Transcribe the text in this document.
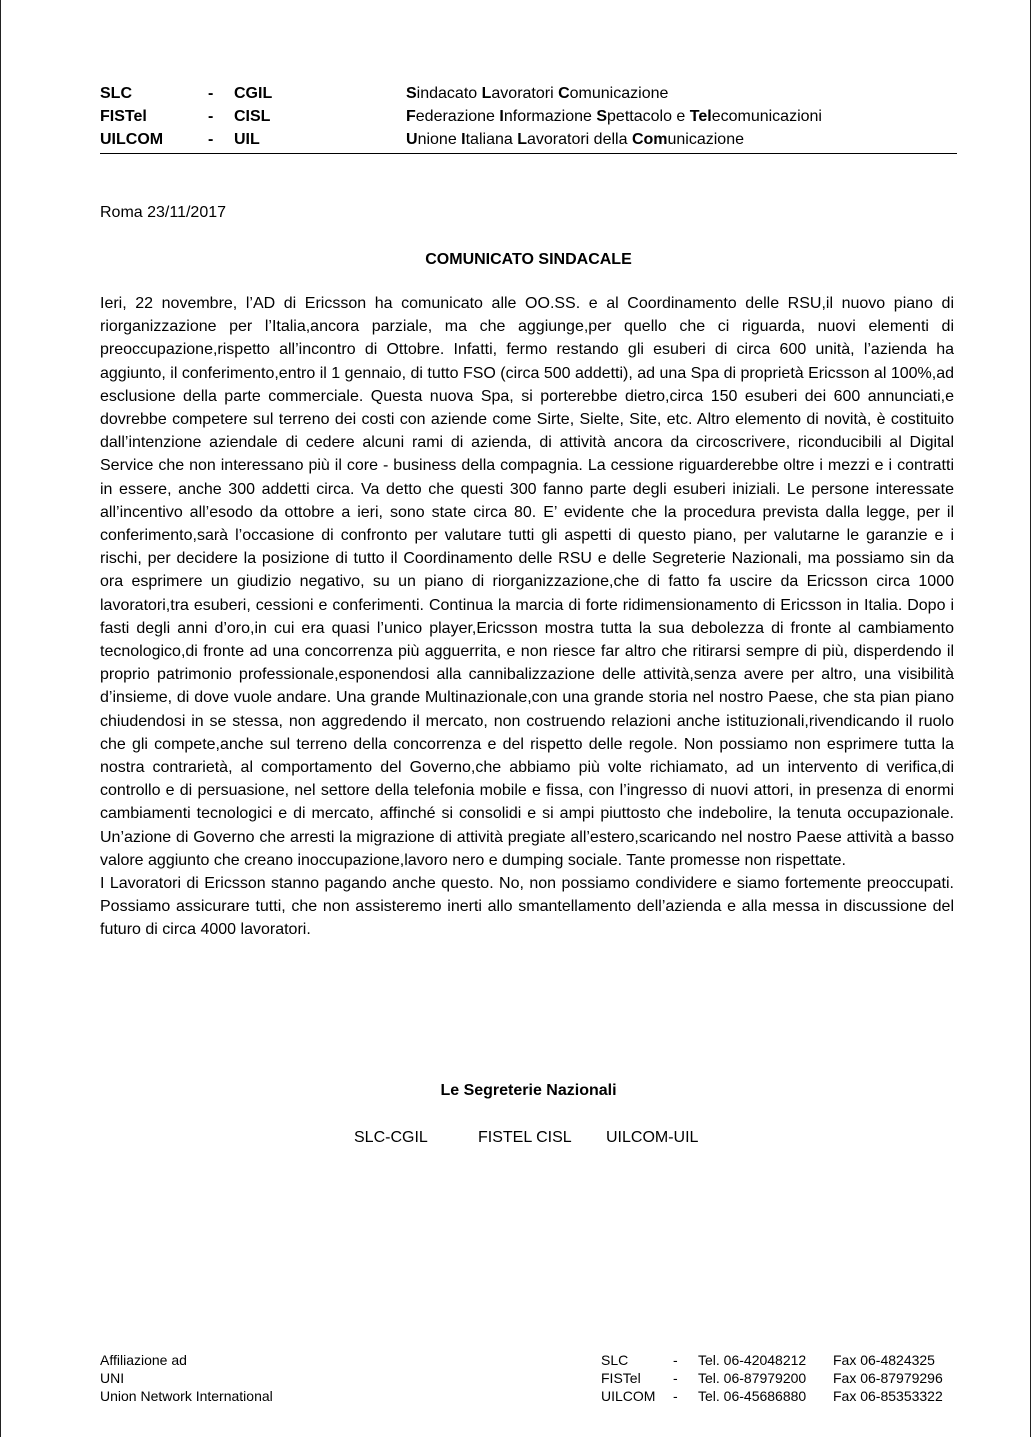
SLC	- CGIL	Sindacato Lavoratori Comunicazione
FISTel	- CISL	Federazione Informazione Spettacolo e Telecomunicazioni
UILCOM	- UIL	Unione Italiana Lavoratori della Comunicazione
Roma 23/11/2017
COMUNICATO SINDACALE

Ieri, 22 novembre, l’AD di Ericsson ha comunicato alle OO.SS. e al Coordinamento delle RSU,il nuovo piano di riorganizzazione per l’Italia,ancora parziale, ma che aggiunge,per quello che ci riguarda, nuovi elementi di preoccupazione,rispetto all’incontro di Ottobre. Infatti, fermo restando gli esuberi di circa 600 unità, l’azienda ha aggiunto, il conferimento,entro il 1 gennaio, di tutto FSO (circa 500 addetti), ad una Spa di proprietà Ericsson al 100%,ad esclusione della parte commerciale. Questa nuova Spa, si porterebbe dietro,circa 150 esuberi dei 600 annunciati,e dovrebbe competere sul terreno dei costi con aziende come Sirte, Sielte, Site, etc. Altro elemento di novità, è costituito dall’intenzione aziendale di cedere alcuni rami di azienda, di attività ancora da circoscrivere, riconducibili al Digital Service che non interessano più il core - business della compagnia. La cessione riguarderebbe oltre i mezzi e i contratti in essere, anche 300 addetti circa. Va detto che questi 300 fanno parte degli esuberi iniziali. Le persone interessate all’incentivo all’esodo da ottobre a ieri, sono state circa 80. E’ evidente che la procedura prevista dalla legge, per il conferimento,sarà l’occasione di confronto per valutare tutti gli aspetti di questo piano, per valutarne le garanzie e i rischi, per decidere la posizione di tutto il Coordinamento delle RSU e delle Segreterie Nazionali, ma possiamo sin da ora esprimere un giudizio negativo, su un piano di riorganizzazione,che di fatto fa uscire da Ericsson circa 1000 lavoratori,tra esuberi, cessioni e conferimenti. Continua la marcia di forte ridimensionamento di Ericsson in Italia. Dopo i fasti degli anni d’oro,in cui era quasi l’unico player,Ericsson mostra tutta la sua debolezza di fronte al cambiamento tecnologico,di fronte ad una concorrenza più agguerrita, e non riesce far altro che ritirarsi sempre di più, disperdendo il proprio patrimonio professionale,esponendosi alla cannibalizzazione delle attività,senza avere per altro, una visibilità d’insieme, di dove vuole andare. Una grande Multinazionale,con una grande storia nel nostro Paese, che sta pian piano chiudendosi in se stessa, non aggredendo il mercato, non costruendo relazioni anche istituzionali,rivendicando il ruolo che gli compete,anche sul terreno della concorrenza e del rispetto delle regole. Non possiamo non esprimere tutta la nostra contrarietà, al comportamento del Governo,che abbiamo più volte richiamato, ad un intervento di verifica,di controllo e di persuasione, nel settore della telefonia mobile e fissa, con l’ingresso di nuovi attori, in presenza di enormi cambiamenti tecnologici e di mercato, affinché si consolidi e si ampi piuttosto che indebolire, la tenuta occupazionale. Un’azione di Governo che arresti la migrazione di attività pregiate all’estero,scaricando nel nostro Paese attività a basso valore aggiunto che creano inoccupazione,lavoro nero e dumping sociale. Tante promesse non rispettate.

I Lavoratori di Ericsson stanno pagando anche questo. No, non possiamo condividere e siamo fortemente preoccupati. Possiamo assicurare tutti, che non assisteremo inerti allo smantellamento dell’azienda e alla messa in discussione del futuro di circa 4000 lavoratori.

Le Segreterie Nazionali
SLC-CGIL	FISTEL CISL UILCOM-UIL
Affiliazione ad
UNI
Union Network International
SLC	- Tel. 06-42048212 Fax 06-4824325
FISTel - Tel. 06-87979200 Fax 06-87979296
UILCOM - Tel. 06-45686880 Fax 06-85353322
